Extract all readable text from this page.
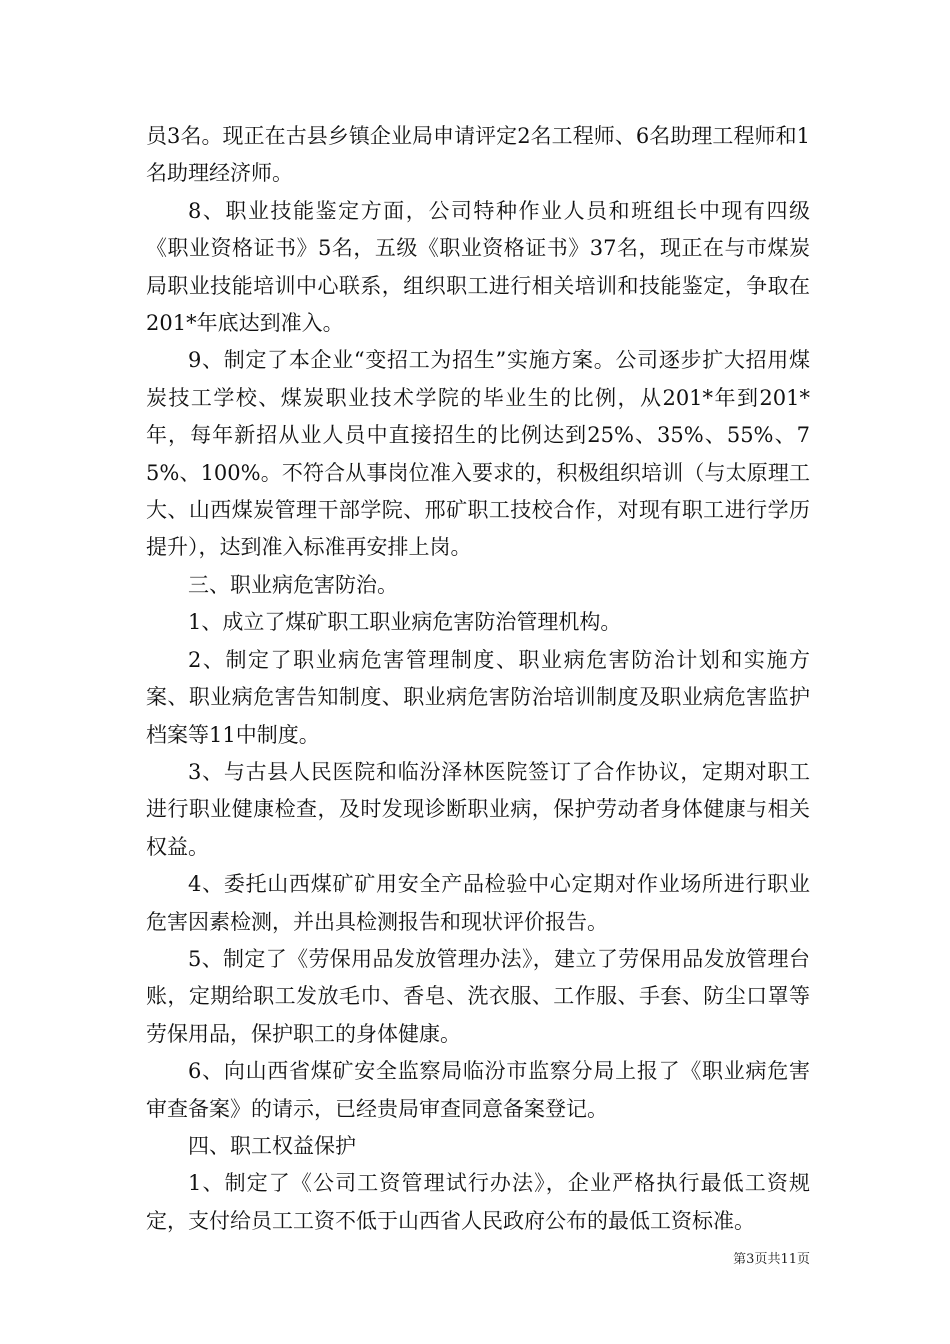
员3名。现正在古县乡镇企业局申请评定2名工程师、6名助理工程师和1名助理经济师。

8、职业技能鉴定方面，公司特种作业人员和班组长中现有四级《职业资格证书》5名，五级《职业资格证书》37名，现正在与市煤炭局职业技能培训中心联系，组织职工进行相关培训和技能鉴定，争取在201*年底达到准入。

9、制定了本企业“变招工为招生”实施方案。公司逐步扩大招用煤炭技工学校、煤炭职业技术学院的毕业生的比例，从201*年到201*年，每年新招从业人员中直接招生的比例达到25%、35%、55%、75%、100%。不符合从事岗位准入要求的，积极组织培训（与太原理工大、山西煤炭管理干部学院、邢矿职工技校合作，对现有职工进行学历提升），达到准入标准再安排上岗。

三、职业病危害防治。

1、成立了煤矿职工职业病危害防治管理机构。

2、制定了职业病危害管理制度、职业病危害防治计划和实施方案、职业病危害告知制度、职业病危害防治培训制度及职业病危害监护档案等11中制度。

3、与古县人民医院和临汾泽林医院签订了合作协议，定期对职工进行职业健康检查，及时发现诊断职业病，保护劳动者身体健康与相关权益。

4、委托山西煤矿矿用安全产品检验中心定期对作业场所进行职业危害因素检测，并出具检测报告和现状评价报告。

5、制定了《劳保用品发放管理办法》，建立了劳保用品发放管理台账，定期给职工发放毛巾、香皂、洗衣服、工作服、手套、防尘口罩等劳保用品，保护职工的身体健康。

6、向山西省煤矿安全监察局临汾市监察分局上报了《职业病危害审查备案》的请示，已经贵局审查同意备案登记。

四、职工权益保护

1、制定了《公司工资管理试行办法》，企业严格执行最低工资规定，支付给员工工资不低于山西省人民政府公布的最低工资标准。

第3页共11页
